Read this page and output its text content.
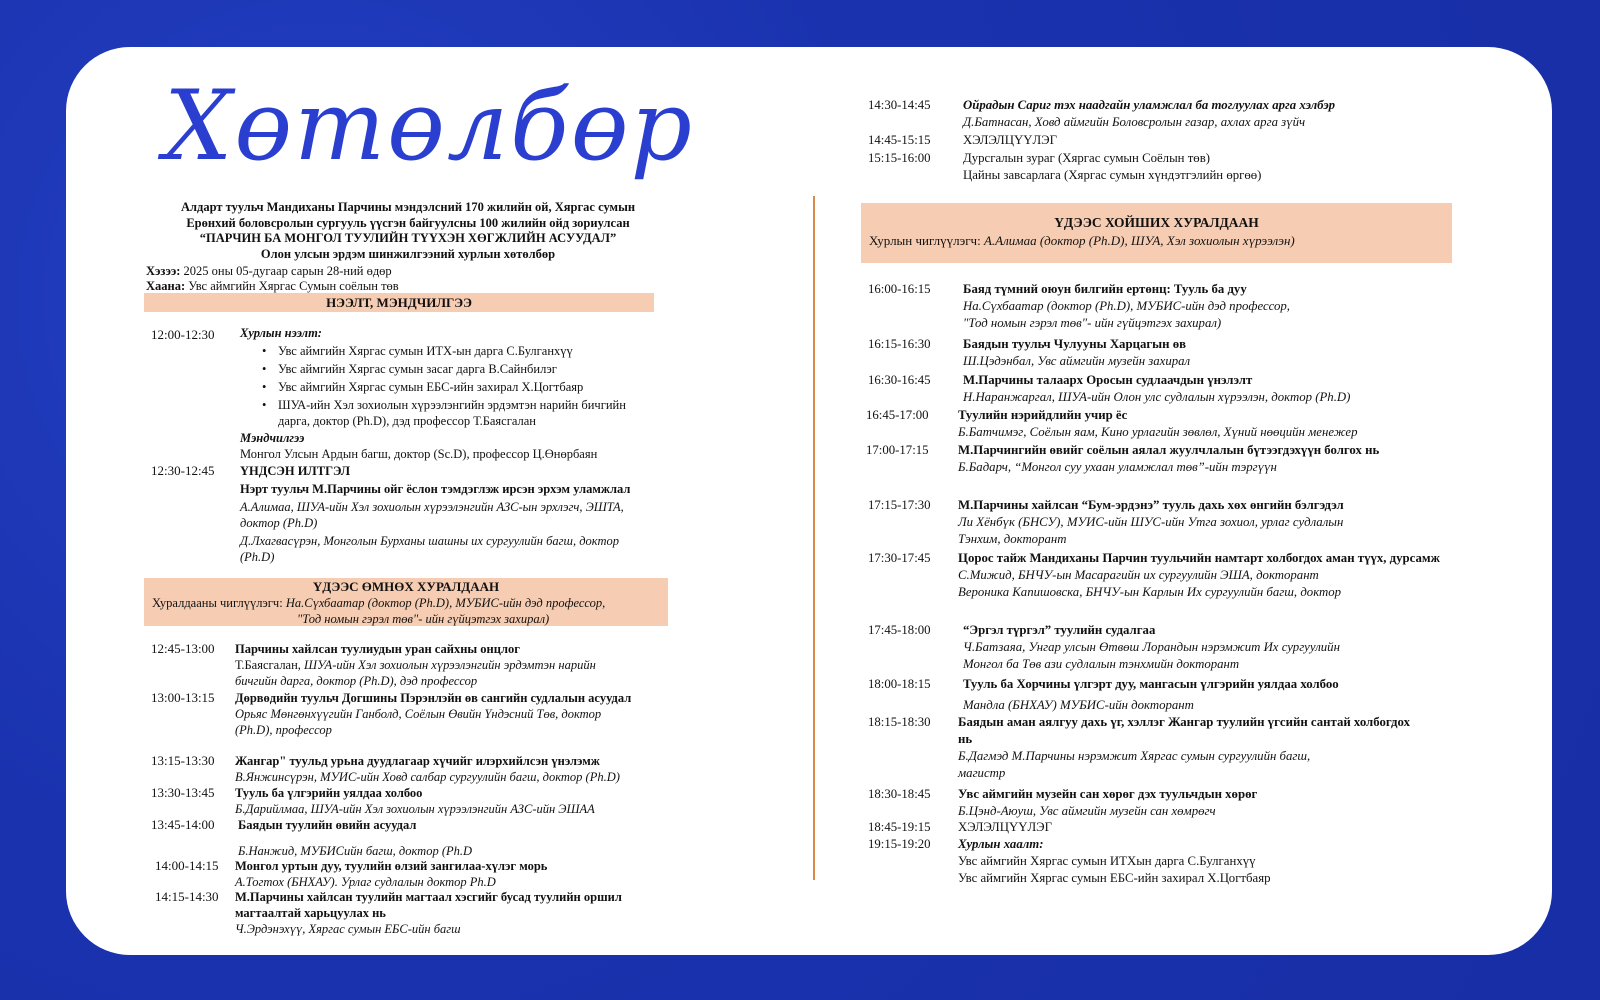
Хөтөлбөр
Алдарт туульч Мандиханы Парчины мэндэлсний 170 жилийн ой, Хяргас сумын
Ерөнхий боловсролын сургууль үүсгэн байгуулсны 100 жилийн ойд зориулсан
“ПАРЧИН БА МОНГОЛ ТУУЛИЙН ТҮҮХЭН ХӨГЖЛИЙН АСУУДАЛ”
Олон улсын эрдэм шинжилгээний хурлын хөтөлбөр
Хэзээ: 2025 оны 05-дугаар сарын 28-ний өдөр
Хаана: Увс аймгийн Хяргас Сумын соёлын төв
НЭЭЛТ, МЭНДЧИЛГЭЭ
12:00-12:30 Хурлын нээлт:
• Увс аймгийн Хяргас сумын ИТХ-ын дарга С.Булганхүү
• Увс аймгийн Хяргас сумын засаг дарга В.Сайнбилэг
• Увс аймгийн Хяргас сумын ЕБС-ийн захирал Х.Цогтбаяр
• ШУА-ийн Хэл зохиолын хүрээлэнгийн эрдэмтэн нарийн бичгийн дарга, доктор (Ph.D), дэд профессор Т.Баясгалан
Мэндчилгээ
Монгол Улсын Ардын багш, доктор (Sc.D), профессор Ц.Өнөрбаян
12:30-12:45 ҮНДСЭН ИЛТГЭЛ
Нэрт туульч М.Парчины ойг ёслон тэмдэглэж ирсэн эрхэм уламжлал
А.Алимаа, ШУА-ийн Хэл зохиолын хүрээлэнгийн АЗС-ын эрхлэгч, ЭШТА, доктор (Ph.D)
Д.Лхагвасүрэн, Монголын Бурханы шашны их сургуулийн багш, доктор (Ph.D)
ҮДЭЭС ӨМНӨХ ХУРАЛДААН
Хуралдааны чиглүүлэгч: На.Сүхбаатар (доктор (Ph.D), МУБИС-ийн дэд профессор,
"Тод номын гэрэл төв"- ийн гүйцэтгэх захирал)
12:45-13:00 Парчины хайлсан туулиудын уран сайхны онцлог
Т.Баясгалан, ШУА-ийн Хэл зохиолын хүрээлэнгийн эрдэмтэн нарийн
бичгийн дарга, доктор (Ph.D), дэд профессор
13:00-13:15 Дөрвөдийн туульч Догшины Пэрэнлэйн өв сангийн судлалын асуудал
Орьяс Мөнгөнхүүгийн Ганболд, Соёлын Өвийн Үндэсний Төв, доктор
(Ph.D), профессор
13:15-13:30 Жангар" туульд урьна дуудлагаар хүчийг илэрхийлсэн үнэлэмж
В.Янжинсүрэн, МУИС-ийн Ховд салбар сургуулийн багш, доктор (Ph.D)
13:30-13:45 Тууль ба үлгэрийн уялдаа холбоо
Б.Дарийлмаа, ШУА-ийн Хэл зохиолын хүрээлэнгийн АЗС-ийн ЭШАА
13:45-14:00 Баядын туулийн өвийн асуудал
Б.Нанжид, МУБИСийн багш, доктор (Ph.D
14:00-14:15 Монгол уртын дуу, туулийн өлзий зангилаа-хүлэг морь
А.Тогтох (БНХАУ). Урлаг судлалын доктор Ph.D
14:15-14:30 М.Парчины хайлсан туулийн магтаал хэсгийг бусад туулийн оршил магтаалтай харьцуулах нь
Ч.Эрдэнэхүү, Хяргас сумын ЕБС-ийн багш
14:30-14:45	Ойрадын Сариг тэх наадгайн уламжлал ба тоглуулах арга хэлбэр
Д.Батнасан, Ховд аймгийн Боловсролын газар, ахлах арга зүйч
14:45-15:15	ХЭЛЭЛЦҮҮЛЭГ
15:15-16:00	Дурсгалын зураг (Хяргас сумын Соёлын төв)
Цайны завсарлага (Хяргас сумын хүндэтгэлийн өргөө)
ҮДЭЭС ХОЙШИХ ХУРАЛДААН
Хурлын чиглүүлэгч: А.Алимаа (доктор (Ph.D), ШУА, Хэл зохиолын хүрээлэн)
16:00-16:15	Баяд түмний оюун билгийн ертөнц: Тууль ба дуу
На.Сүхбаатар (доктор (Ph.D), МУБИС-ийн дэд профессор,
"Тод номын гэрэл төв"- ийн гүйцэтгэх захирал)
16:15-16:30	Баядын туульч Чулууны Харцагын өв
Ш.Цэдэнбал, Увс аймгийн музейн захирал
16:30-16:45	М.Парчины талаарх Оросын судлаачдын үнэлэлт
Н.Наранжаргал, ШУА-ийн Олон улс судлалын хүрээлэн, доктор (Ph.D)
16:45-17:00 Туулийн нэрийдлийн учир ёс
Б.Батчимэг, Соёлын яам, Кино урлагийн зөвлөл, Хүний нөөцийн менежер
17:00-17:15 М.Парчингийн өвийг соёлын аялал жуулчлалын бүтээгдэхүүн болгох нь
Б.Бадарч, “Монгол суу ухаан уламжлал төв”-ийн тэргүүн
17:15-17:30 М.Парчины хайлсан “Бум-эрдэнэ” тууль дахь хөх өнгийн бэлгэдэл
Ли Хёнбүк (БНСУ), МУИС-ийн ШУС-ийн Утга зохиол, урлаг судлалын
Тэнхим, докторант
17:30-17:45 Цорос тайж Мандиханы Парчин туульчийн намтарт холбогдох аман түүх, дурсамж
С.Мижид, БНЧУ-ын Масарагийн их сургуулийн ЭША, докторант
Вероника Капишовска, БНЧУ-ын Карлын Их сургуулийн багш, доктор
17:45-18:00	“Эргэл түргэл” туулийн судалгаа
Ч.Батзаяа, Унгар улсын Өтвөш Лорандын нэрэмжит Их сургуулийн
Монгол ба Төв ази судлалын тэнхмийн докторант
18:00-18:15	Тууль ба Хорчины үлгэрт дуу, мангасын үлгэрийн уялдаа холбоо
Мандла (БНХАУ) МУБИС-ийн докторант
18:15-18:30 Баядын аман аялгуу дахь үг, хэллэг Жангар туулийн үгсийн сантай холбогдох нь
Б.Дагмэд М.Парчины нэрэмжит Хяргас сумын сургуулийн багш,
магистр
18:30-18:45 Увс аймгийн музейн сан хөрөг дэх туульчдын хөрөг
Б.Цэнд-Аюуш, Увс аймгийн музейн сан хөмрөгч
18:45-19:15 ХЭЛЭЛЦҮҮЛЭГ
19:15-19:20 Хурлын хаалт:
Увс аймгийн Хяргас сумын ИТХын дарга С.Булганхүү
Увс аймгийн Хяргас сумын ЕБС-ийн захирал Х.Цогтбаяр
